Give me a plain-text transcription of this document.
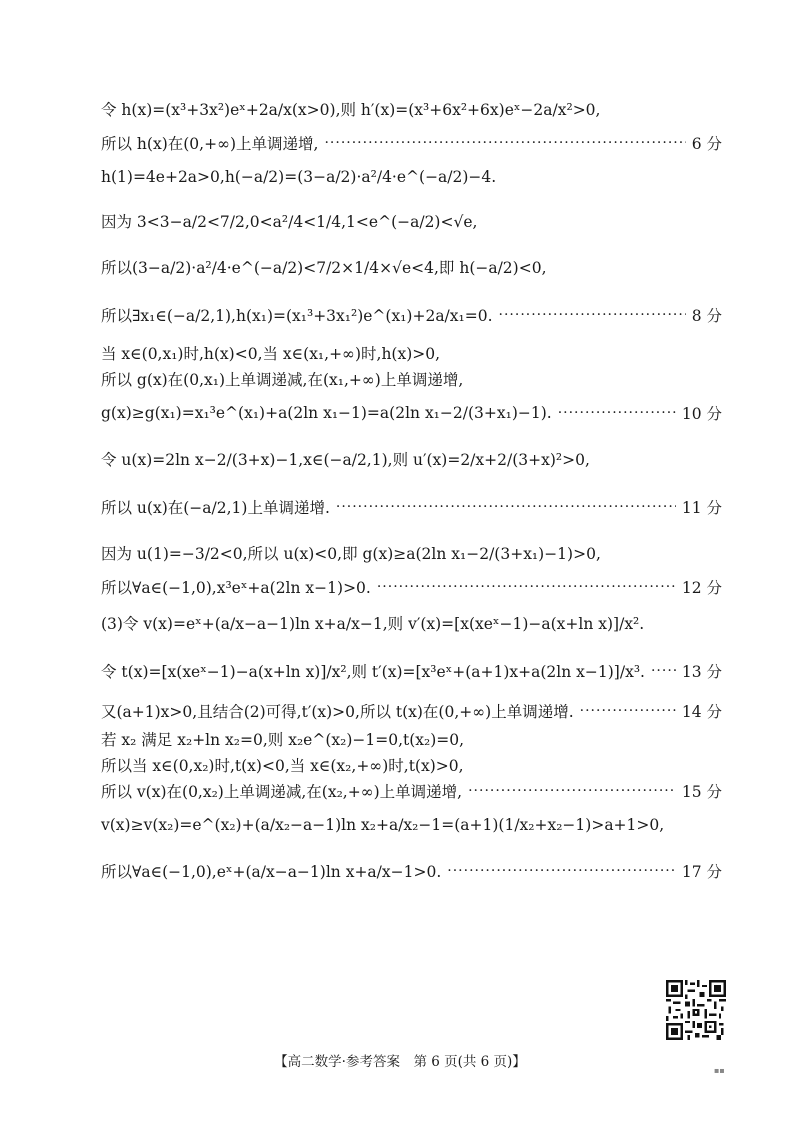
令 h(x)=(x³+3x²)eˣ+2a/x(x>0),则 h′(x)=(x³+6x²+6x)eˣ−2a/x²>0,
所以 h(x)在(0,+∞)上单调递增, ·····	6 分
h(1)=4e+2a>0,h(−a/2)=(3−a/2)·a²/4·e^(−a/2)−4.
因为 3<3−a/2<7/2,0<a²/4<1/4,1<e^(−a/2)<√e,
所以(3−a/2)·a²/4·e^(−a/2)<7/2×1/4×√e<4,即 h(−a/2)<0,
所以∃x₁∈(−a/2,1),h(x₁)=(x₁³+3x₁²)e^(x₁)+2a/x₁=0. ·····	8 分
当 x∈(0,x₁)时,h(x)<0,当 x∈(x₁,+∞)时,h(x)>0,
所以 g(x)在(0,x₁)上单调递减,在(x₁,+∞)上单调递增,
g(x)≥g(x₁)=x₁³e^(x₁)+a(2ln x₁−1)=a(2ln x₁−2/(3+x₁)−1). ·····	10 分
令 u(x)=2ln x−2/(3+x)−1,x∈(−a/2,1),则 u′(x)=2/x+2/(3+x)²>0,
所以 u(x)在(−a/2,1)上单调递增. ·····	11 分
因为 u(1)=−3/2<0,所以 u(x)<0,即 g(x)≥a(2ln x₁−2/(3+x₁)−1)>0,
所以∀a∈(−1,0),x³eˣ+a(2ln x−1)>0. ·····	12 分
(3)令 v(x)=eˣ+(a/x−a−1)ln x+a/x−1,则 v′(x)=[x(xeˣ−1)−a(x+ln x)]/x².
令 t(x)=[x(xeˣ−1)−a(x+ln x)]/x²,则 t′(x)=[x³eˣ+(a+1)x+a(2ln x−1)]/x³. ····· 13 分
又(a+1)x>0,且结合(2)可得,t′(x)>0,所以 t(x)在(0,+∞)上单调递增. ·····	14 分
若 x₂ 满足 x₂+ln x₂=0,则 x₂e^(x₂)−1=0,t(x₂)=0,
所以当 x∈(0,x₂)时,t(x)<0,当 x∈(x₂,+∞)时,t(x)>0,
所以 v(x)在(0,x₂)上单调递减,在(x₂,+∞)上单调递增, ·····	15 分
v(x)≥v(x₂)=e^(x₂)+(a/x₂−a−1)ln x₂+a/x₂−1=(a+1)(1/x₂+x₂−1)>a+1>0,
所以∀a∈(−1,0),eˣ+(a/x−a−1)ln x+a/x−1>0. ·····	17 分
【高二数学·参考答案　第 6 页(共 6 页)】
▪▪
